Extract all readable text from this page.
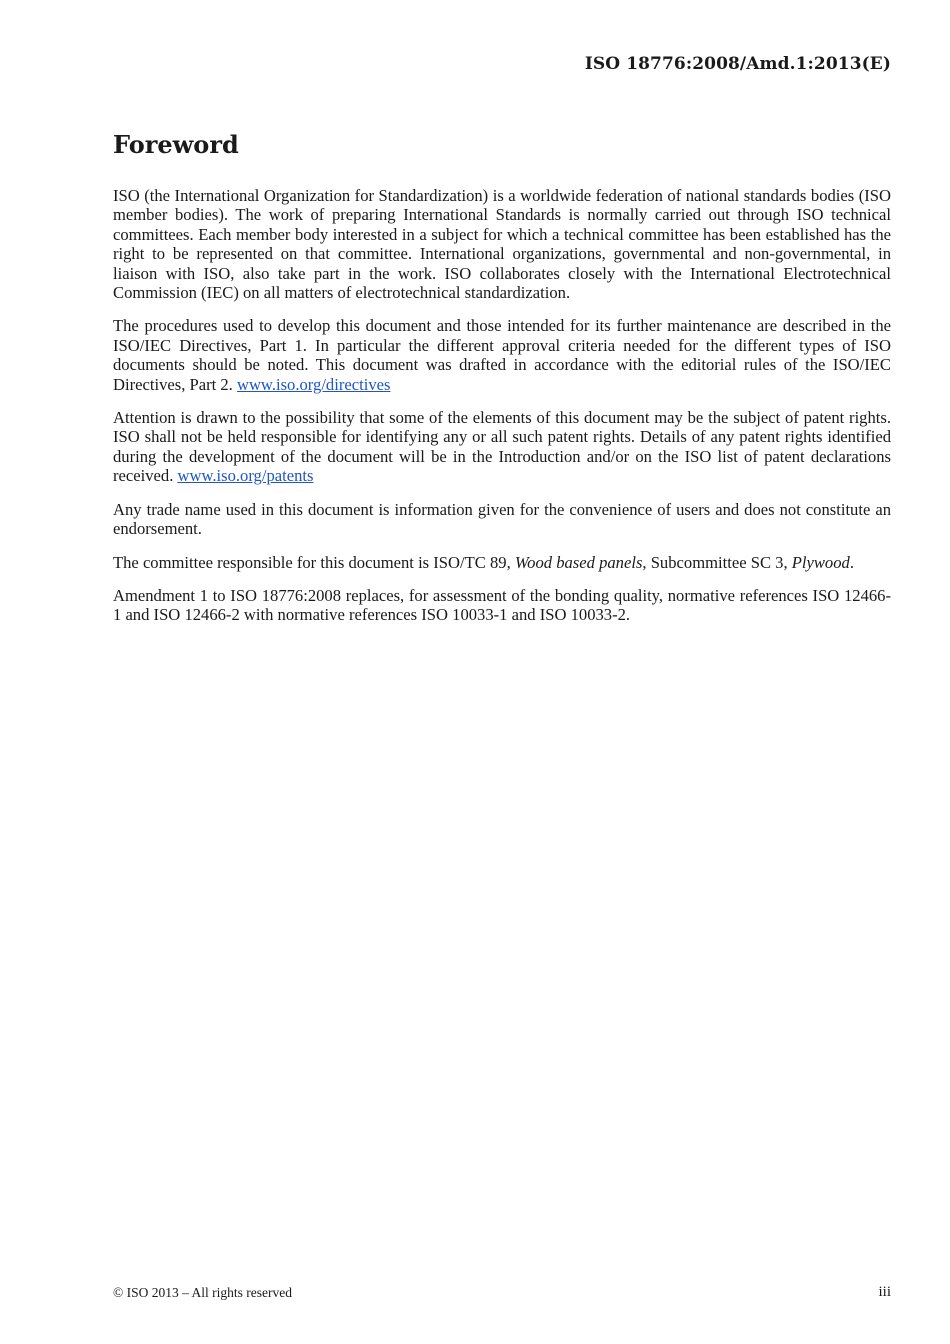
ISO 18776:2008/Amd.1:2013(E)
Foreword

ISO (the International Organization for Standardization) is a worldwide federation of national standards bodies (ISO member bodies). The work of preparing International Standards is normally carried out through ISO technical committees. Each member body interested in a subject for which a technical committee has been established has the right to be represented on that committee. International organizations, governmental and non-governmental, in liaison with ISO, also take part in the work. ISO collaborates closely with the International Electrotechnical Commission (IEC) on all matters of electrotechnical standardization.

The procedures used to develop this document and those intended for its further maintenance are described in the ISO/IEC Directives, Part 1. In particular the different approval criteria needed for the different types of ISO documents should be noted. This document was drafted in accordance with the editorial rules of the ISO/IEC Directives, Part 2. www.iso.org/directives

Attention is drawn to the possibility that some of the elements of this document may be the subject of patent rights. ISO shall not be held responsible for identifying any or all such patent rights. Details of any patent rights identified during the development of the document will be in the Introduction and/or on the ISO list of patent declarations received. www.iso.org/patents

Any trade name used in this document is information given for the convenience of users and does not constitute an endorsement.

The committee responsible for this document is ISO/TC 89, Wood based panels, Subcommittee SC 3, Plywood.

Amendment 1 to ISO 18776:2008 replaces, for assessment of the bonding quality, normative references ISO 12466-1 and ISO 12466-2 with normative references ISO 10033-1 and ISO 10033-2.

© ISO 2013 – All rights reserved	iii
